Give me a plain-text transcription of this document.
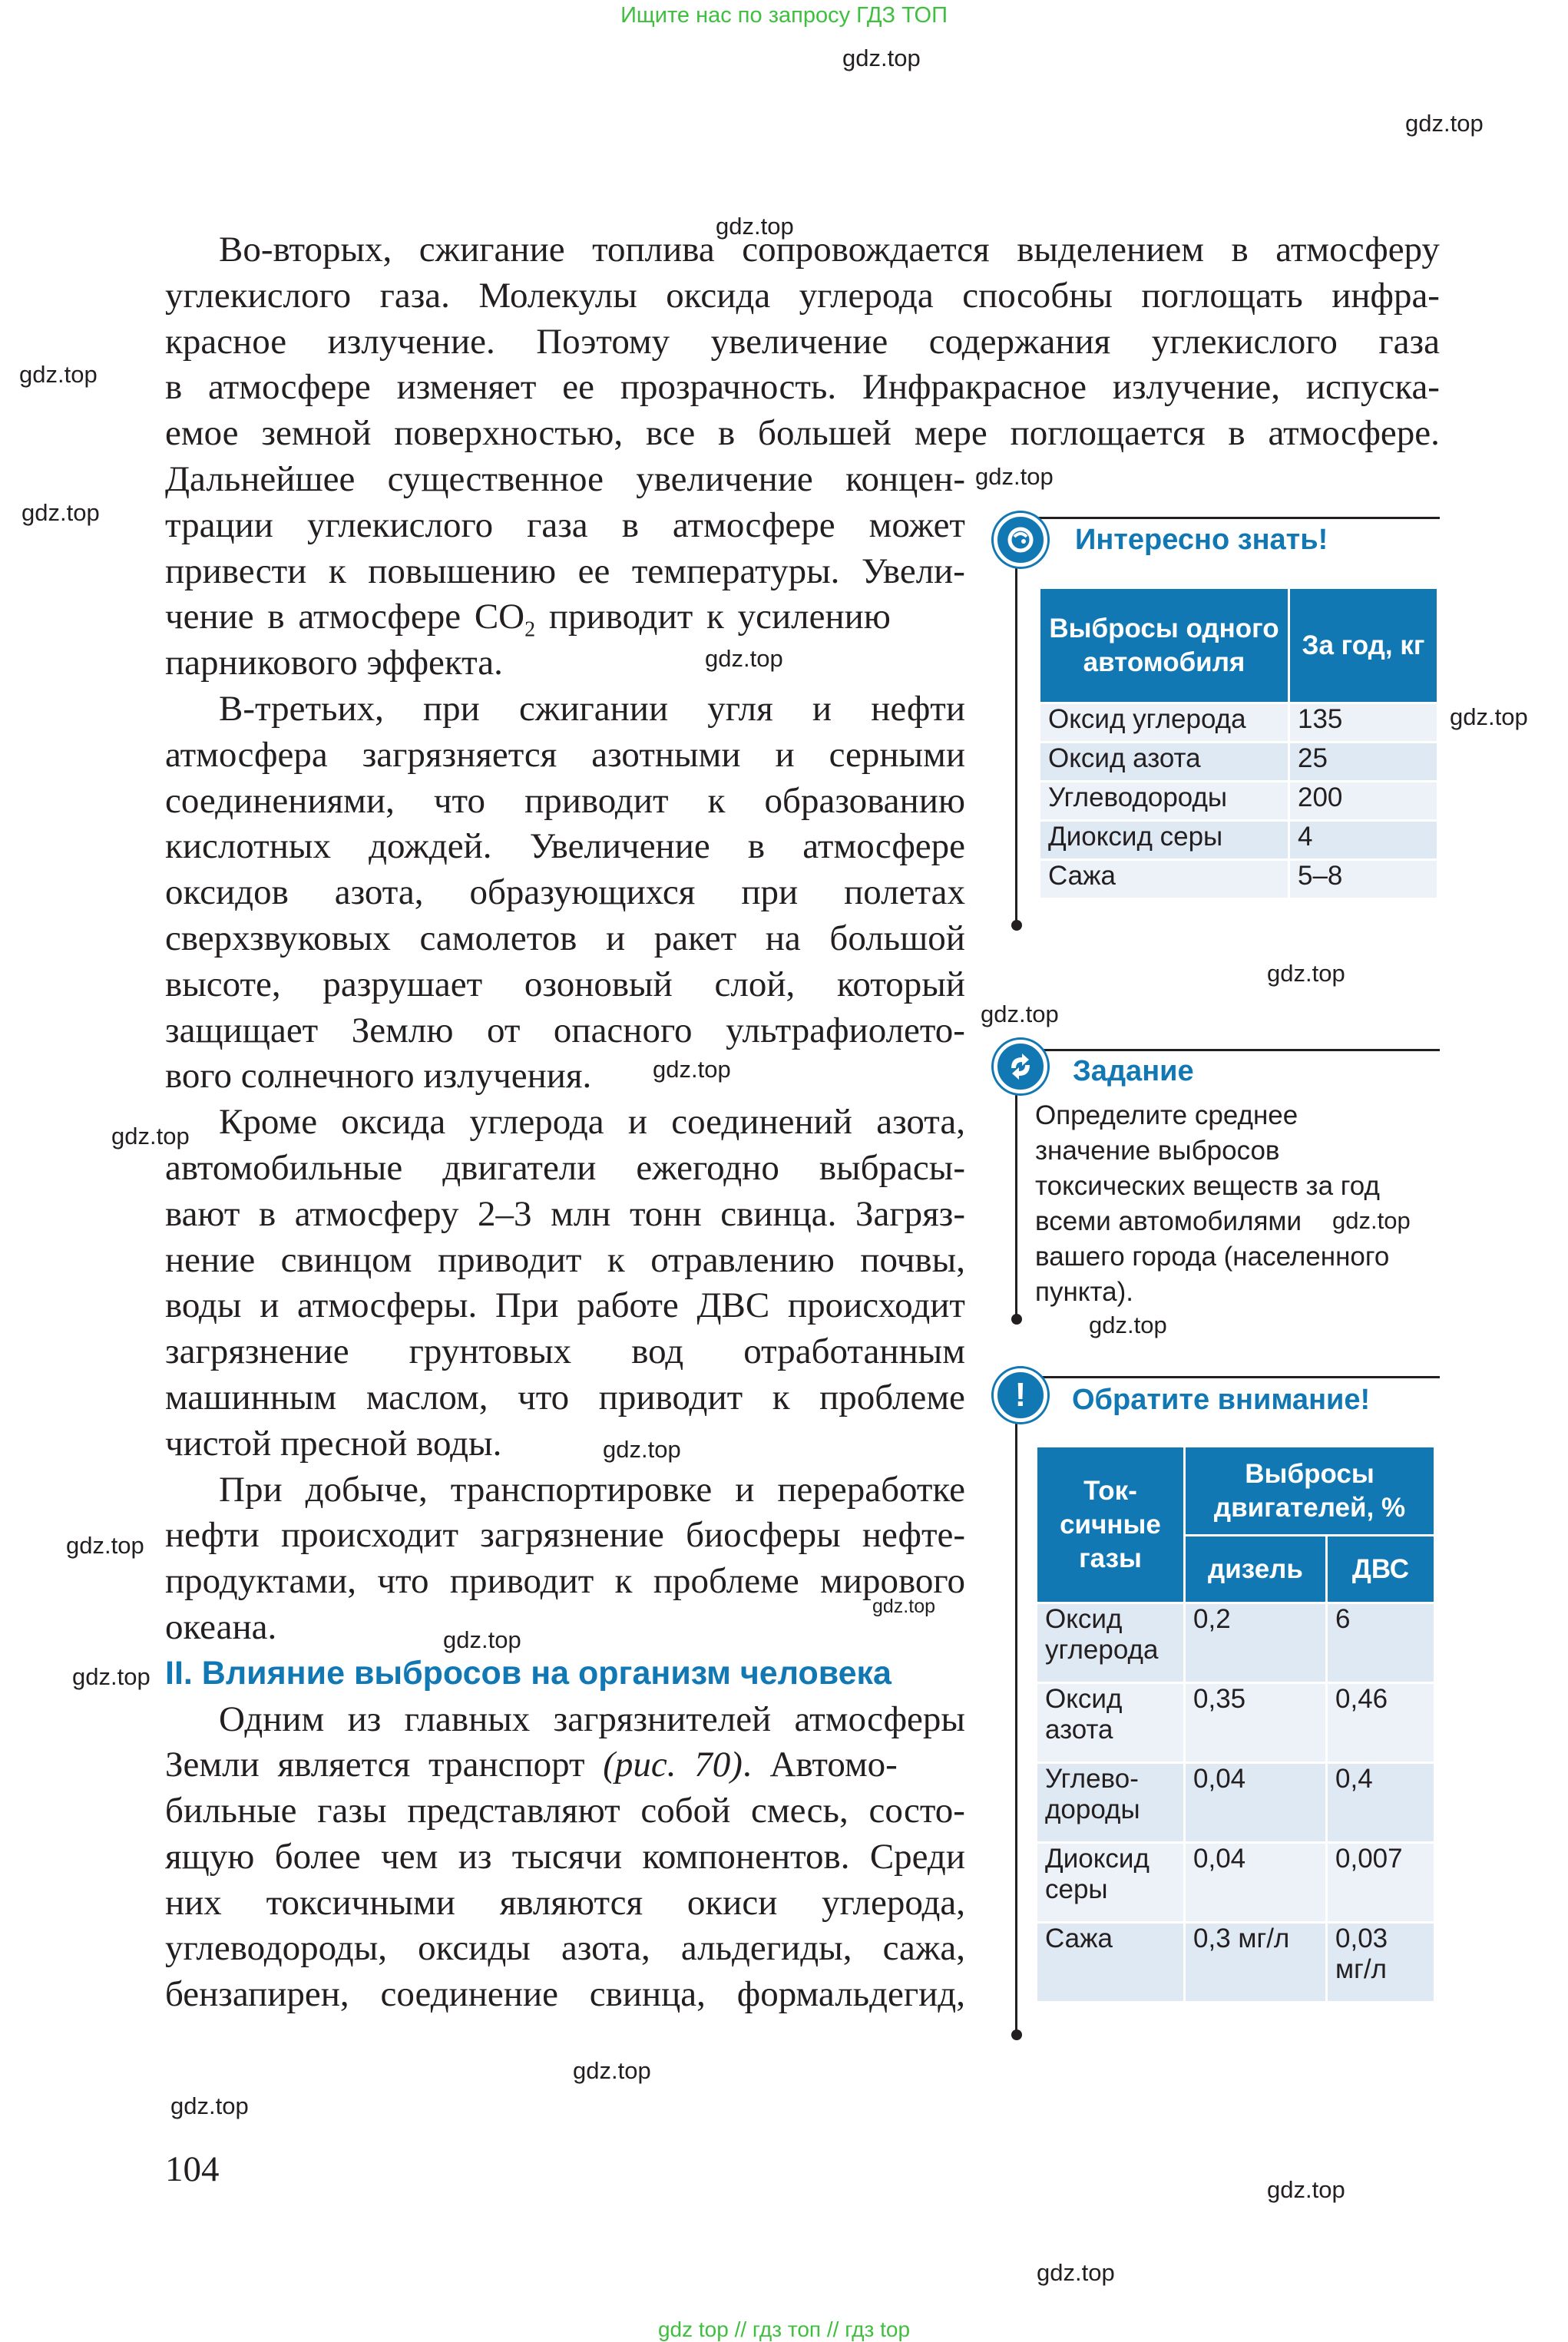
Ищите нас по запросу ГДЗ ТОП
gdz.top
gdz.top
gdz.top
gdz.top
gdz.top
gdz.top
gdz.top
gdz.top
gdz.top
gdz.top
gdz.top
gdz.top
gdz.top
gdz.top
gdz.top
gdz.top
gdz.top
gdz.top
gdz.top
gdz.top
gdz.top
gdz.top
gdz.top
Во-вторых, сжигание топлива сопровождается выделением в атмосферу
углекислого газа. Молекулы оксида углерода способны поглощать инфра-
красное излучение. Поэтому увеличение содержания углекислого газа
в атмосфере изменяет ее прозрачность. Инфракрасное излучение, испуска-
емое земной поверхностью, все в большей мере поглощается в атмосфере.
Дальнейшее существенное увеличение концен-
трации углекислого газа в атмосфере может
привести к повышению ее температуры. Увели-
чение в атмосфере $CO_2$ приводит к усилению
парникового эффекта.
В-третьих, при сжигании угля и нефти
атмосфера загрязняется азотными и серными
соединениями, что приводит к образованию
кислотных дождей. Увеличение в атмосфере
оксидов азота, образующихся при полетах
сверхзвуковых самолетов и ракет на большой
высоте, разрушает озоновый слой, который
защищает Землю от опасного ультрафиолето-
вого солнечного излучения.
Кроме оксида углерода и соединений азота,
автомобильные двигатели ежегодно выбрасы-
вают в атмосферу 2–3 млн тонн свинца. Загряз-
нение свинцом приводит к отравлению почвы,
воды и атмосферы. При работе ДВС происходит
загрязнение грунтовых вод отработанным
машинным маслом, что приводит к проблеме
чистой пресной воды.
При добыче, транспортировке и переработке
нефти происходит загрязнение биосферы нефте-
продуктами, что приводит к проблеме мирового
океана.
II. Влияние выбросов на организм человека
Одним из главных загрязнителей атмосферы
Земли является транспорт (рис. 70). Автомо-
бильные газы представляют собой смесь, состо-
ящую более чем из тысячи компонентов. Среди
них токсичными являются окиси углерода,
углеводороды, оксиды азота, альдегиды, сажа,
бензапирен, соединение свинца, формальдегид,
104
Интересно знать!
Выбросы одного автомобиля	За год, кг
Оксид углерода	135
Оксид азота	25
Углеводороды	200
Диоксид серы	4
Сажа	5–8
Задание
Определите среднее
значение выбросов
токсических веществ за год
всеми автомобилями
вашего города (населенного
пункта).
!	Обратите внимание!
Ток-сичные газы	Выбросы двигателей, %	
	дизель	ДВС
Оксид углерода	0,2	6
Оксид азота	0,35	0,46
Углево-дороды	0,04	0,4
Диоксид серы	0,04	0,007
Сажа	0,3 мг/л	0,03 мг/л
gdz top // гдз топ // гдз top
